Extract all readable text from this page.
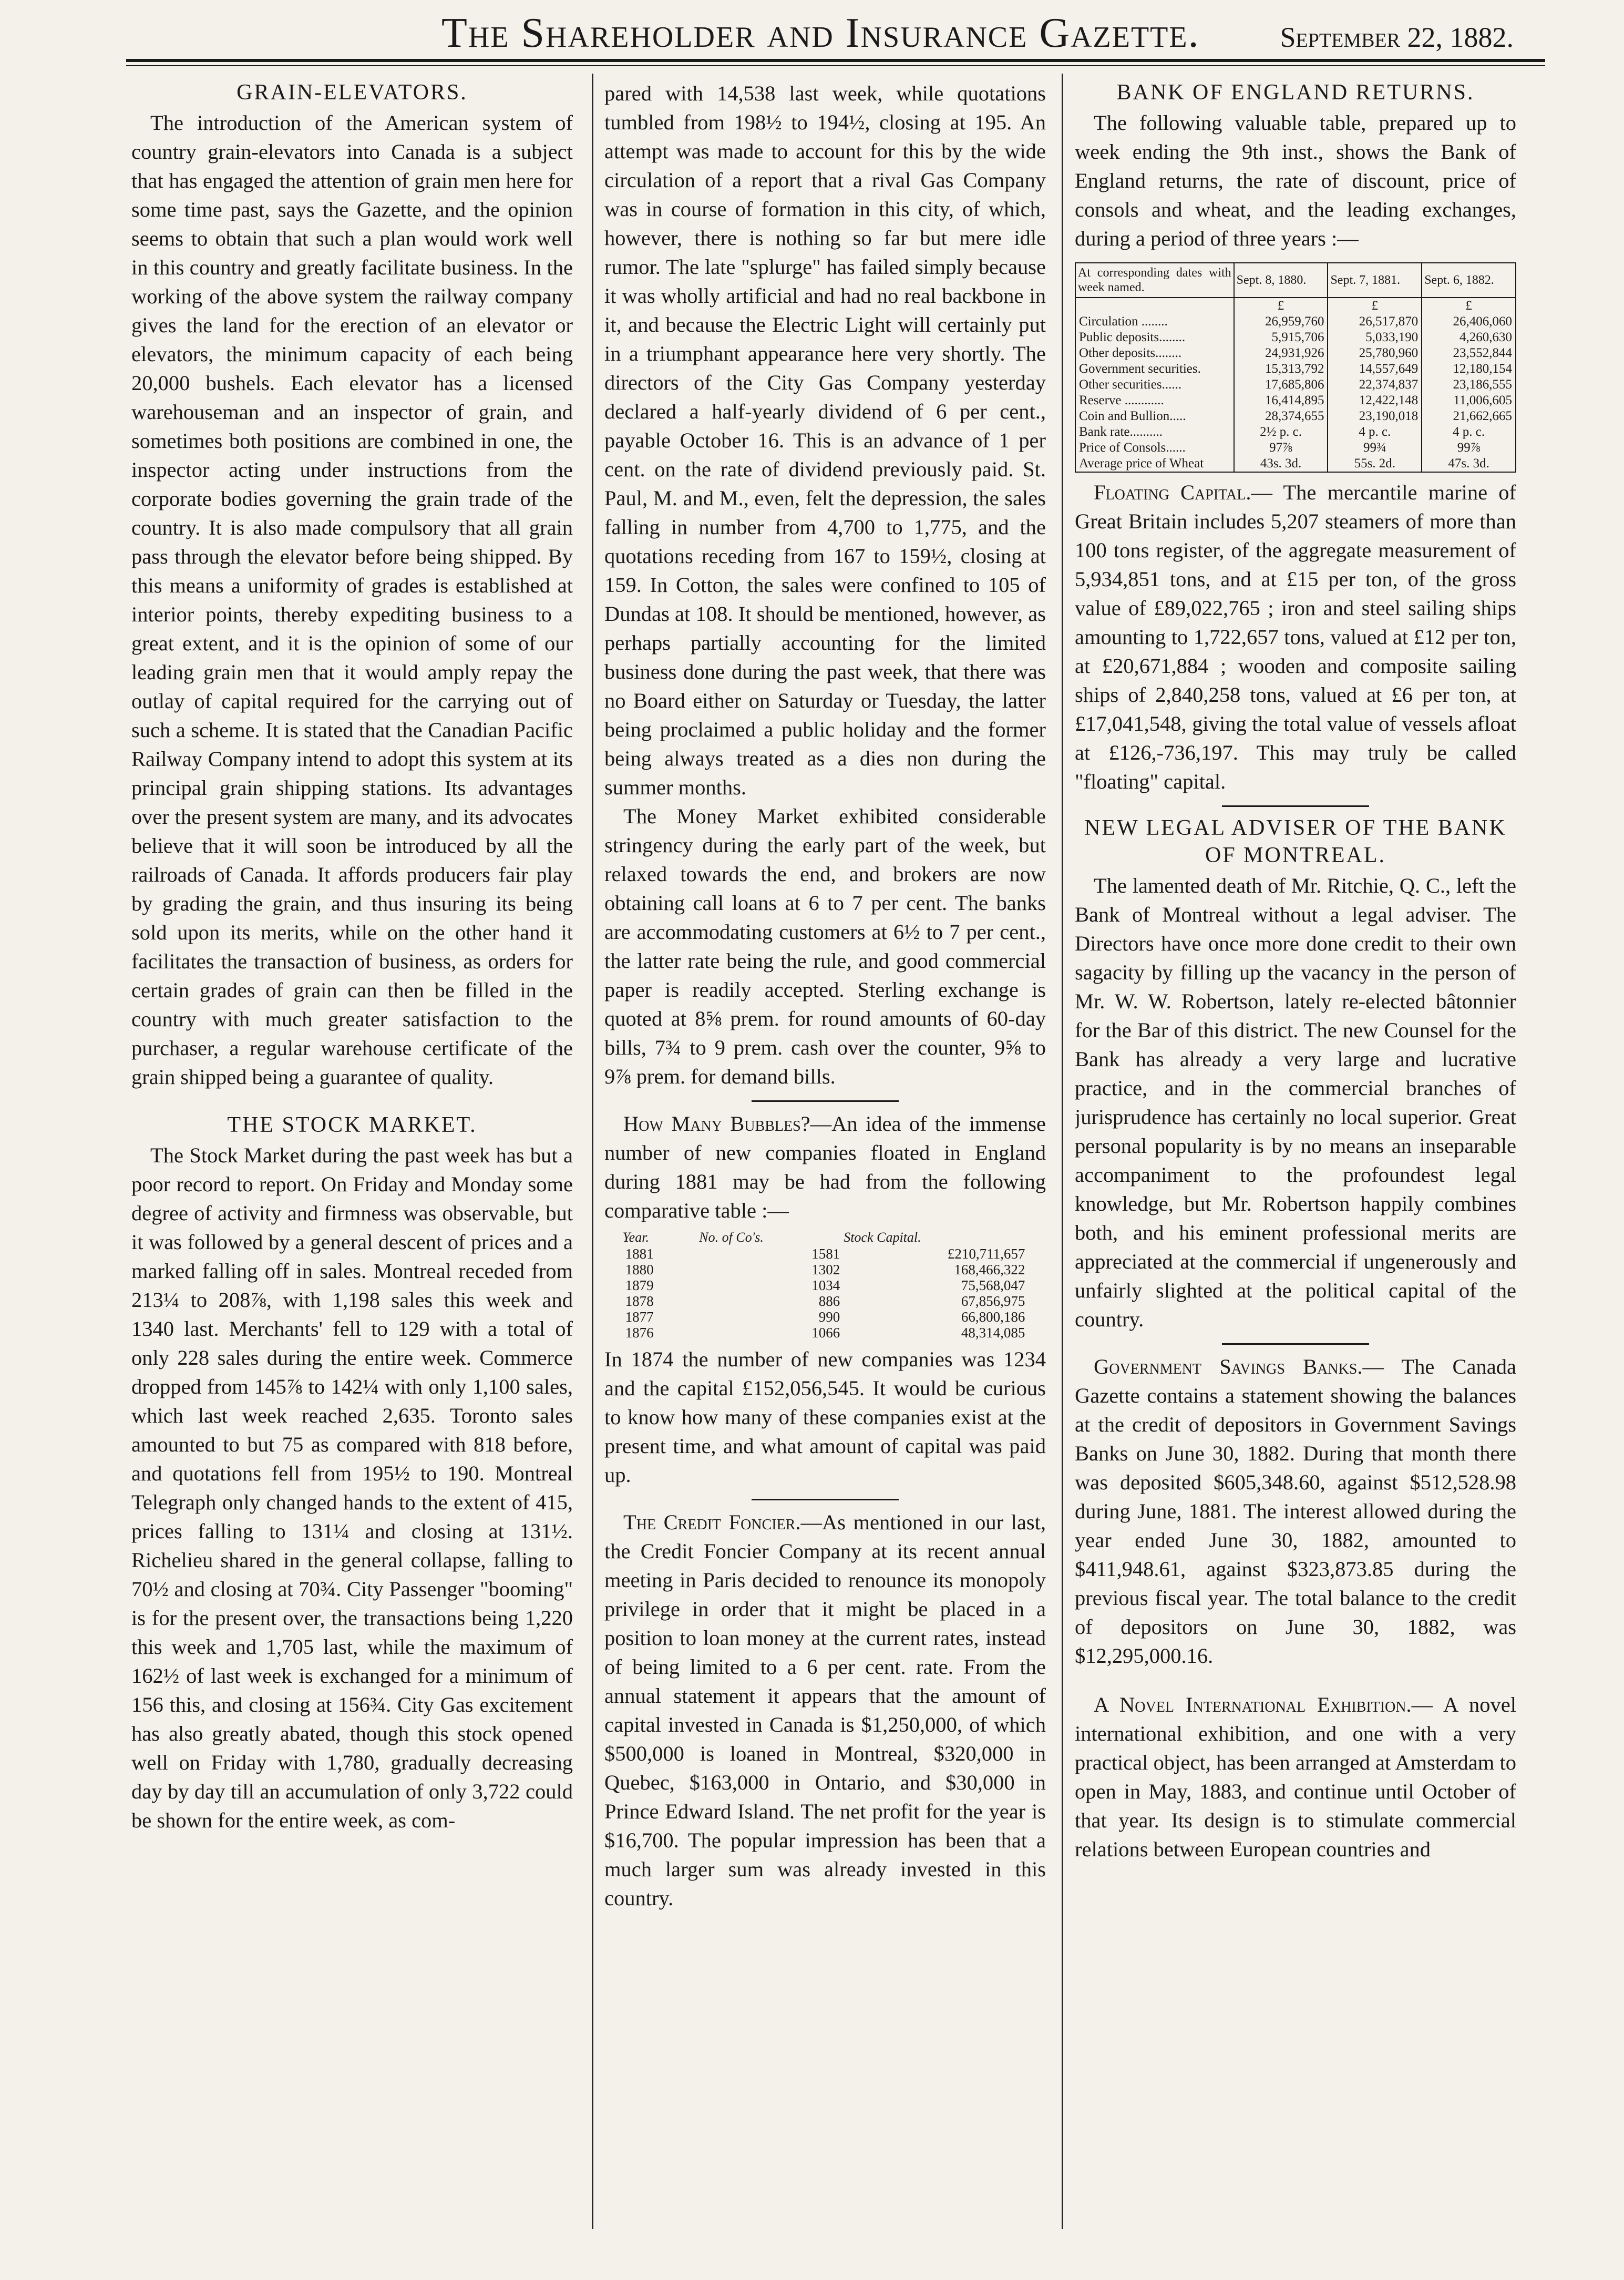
The Shareholder and Insurance Gazette.	September 22, 1882.
GRAIN-ELEVATORS.

The introduction of the American system of country grain-elevators into Canada is a subject that has engaged the attention of grain men here for some time past, says the Gazette, and the opinion seems to obtain that such a plan would work well in this country and greatly facilitate business. In the working of the above system the railway company gives the land for the erection of an elevator or elevators, the minimum capacity of each being 20,000 bushels. Each elevator has a licensed warehouseman and an inspector of grain, and sometimes both positions are combined in one, the inspector acting under instructions from the corporate bodies governing the grain trade of the country. It is also made compulsory that all grain pass through the elevator before being shipped. By this means a uniformity of grades is established at interior points, thereby expediting business to a great extent, and it is the opinion of some of our leading grain men that it would amply repay the outlay of capital required for the carrying out of such a scheme. It is stated that the Canadian Pacific Railway Company intend to adopt this system at its principal grain shipping stations. Its advantages over the present system are many, and its advocates believe that it will soon be introduced by all the railroads of Canada. It affords producers fair play by grading the grain, and thus insuring its being sold upon its merits, while on the other hand it facilitates the transaction of business, as orders for certain grades of grain can then be filled in the country with much greater satisfaction to the purchaser, a regular warehouse certificate of the grain shipped being a guarantee of quality.

THE STOCK MARKET.

The Stock Market during the past week has but a poor record to report. On Friday and Monday some degree of activity and firmness was observable, but it was followed by a general descent of prices and a marked falling off in sales. Montreal receded from 213¼ to 208⅞, with 1,198 sales this week and 1340 last. Merchants' fell to 129 with a total of only 228 sales during the entire week. Commerce dropped from 145⅞ to 142¼ with only 1,100 sales, which last week reached 2,635. Toronto sales amounted to but 75 as compared with 818 before, and quotations fell from 195½ to 190. Montreal Telegraph only changed hands to the extent of 415, prices falling to 131¼ and closing at 131½. Richelieu shared in the general collapse, falling to 70½ and closing at 70¾. City Passenger "booming" is for the present over, the transactions being 1,220 this week and 1,705 last, while the maximum of 162½ of last week is exchanged for a minimum of 156 this, and closing at 156¾. City Gas excitement has also greatly abated, though this stock opened well on Friday with 1,780, gradually decreasing day by day till an accumulation of only 3,722 could be shown for the entire week, as com-

pared with 14,538 last week, while quotations tumbled from 198½ to 194½, closing at 195. An attempt was made to account for this by the wide circulation of a report that a rival Gas Company was in course of formation in this city, of which, however, there is nothing so far but mere idle rumor. The late "splurge" has failed simply because it was wholly artificial and had no real backbone in it, and because the Electric Light will certainly put in a triumphant appearance here very shortly. The directors of the City Gas Company yesterday declared a half-yearly dividend of 6 per cent., payable October 16. This is an advance of 1 per cent. on the rate of dividend previously paid. St. Paul, M. and M., even, felt the depression, the sales falling in number from 4,700 to 1,775, and the quotations receding from 167 to 159½, closing at 159. In Cotton, the sales were confined to 105 of Dundas at 108. It should be mentioned, however, as perhaps partially accounting for the limited business done during the past week, that there was no Board either on Saturday or Tuesday, the latter being proclaimed a public holiday and the former being always treated as a dies non during the summer months.

The Money Market exhibited considerable stringency during the early part of the week, but relaxed towards the end, and brokers are now obtaining call loans at 6 to 7 per cent. The banks are accommodating customers at 6½ to 7 per cent., the latter rate being the rule, and good commercial paper is readily accepted. Sterling exchange is quoted at 8⅝ prem. for round amounts of 60-day bills, 7¾ to 9 prem. cash over the counter, 9⅝ to 9⅞ prem. for demand bills.

How Many Bubbles?—An idea of the immense number of new companies floated in England during 1881 may be had from the following comparative table :—

Year.	No. of Co's.	Stock Capital.
1881	1581	£210,711,657
1880	1302	168,466,322
1879	1034	75,568,047
1878	886	67,856,975
1877	990	66,800,186
1876	1066	48,314,085

In 1874 the number of new companies was 1234 and the capital £152,056,545. It would be curious to know how many of these companies exist at the present time, and what amount of capital was paid up.

The Credit Foncier.—As mentioned in our last, the Credit Foncier Company at its recent annual meeting in Paris decided to renounce its monopoly privilege in order that it might be placed in a position to loan money at the current rates, instead of being limited to a 6 per cent. rate. From the annual statement it appears that the amount of capital invested in Canada is $1,250,000, of which $500,000 is loaned in Montreal, $320,000 in Quebec, $163,000 in Ontario, and $30,000 in Prince Edward Island. The net profit for the year is $16,700. The popular impression has been that a much larger sum was already invested in this country.

BANK OF ENGLAND RETURNS.

The following valuable table, prepared up to week ending the 9th inst., shows the Bank of England returns, the rate of discount, price of consols and wheat, and the leading exchanges, during a period of three years :—

At corresponding dates with week named.	Sept. 8, 1880.	Sept. 7, 1881.	Sept. 6, 1882.
	£	£	£
Circulation ........	26,959,760	26,517,870	26,406,060
Public deposits........	5,915,706	5,033,190	4,260,630
Other deposits........	24,931,926	25,780,960	23,552,844
Government securities.	15,313,792	14,557,649	12,180,154
Other securities......	17,685,806	22,374,837	23,186,555
Reserve ............	16,414,895	12,422,148	11,006,605
Coin and Bullion.....	28,374,655	23,190,018	21,662,665
Bank rate..........	2½ p. c.	4 p. c.	4 p. c.
Price of Consols......	97⅞	99¾	99⅞
Average price of Wheat	43s. 3d.	55s. 2d.	47s. 3d.

Floating Capital.— The mercantile marine of Great Britain includes 5,207 steamers of more than 100 tons register, of the aggregate measurement of 5,934,851 tons, and at £15 per ton, of the gross value of £89,022,765 ; iron and steel sailing ships amounting to 1,722,657 tons, valued at £12 per ton, at £20,671,884 ; wooden and composite sailing ships of 2,840,258 tons, valued at £6 per ton, at £17,041,548, giving the total value of vessels afloat at £126,-736,197. This may truly be called "floating" capital.

NEW LEGAL ADVISER OF THE BANK OF MONTREAL.

The lamented death of Mr. Ritchie, Q. C., left the Bank of Montreal without a legal adviser. The Directors have once more done credit to their own sagacity by filling up the vacancy in the person of Mr. W. W. Robertson, lately re-elected bâtonnier for the Bar of this district. The new Counsel for the Bank has already a very large and lucrative practice, and in the commercial branches of jurisprudence has certainly no local superior. Great personal popularity is by no means an inseparable accompaniment to the profoundest legal knowledge, but Mr. Robertson happily combines both, and his eminent professional merits are appreciated at the commercial if ungenerously and unfairly slighted at the political capital of the country.

Government Savings Banks.— The Canada Gazette contains a statement showing the balances at the credit of depositors in Government Savings Banks on June 30, 1882. During that month there was deposited $605,348.60, against $512,528.98 during June, 1881. The interest allowed during the year ended June 30, 1882, amounted to $411,948.61, against $323,873.85 during the previous fiscal year. The total balance to the credit of depositors on June 30, 1882, was $12,295,000.16.

A Novel International Exhibition.— A novel international exhibition, and one with a very practical object, has been arranged at Amsterdam to open in May, 1883, and continue until October of that year. Its design is to stimulate commercial relations between European countries and
